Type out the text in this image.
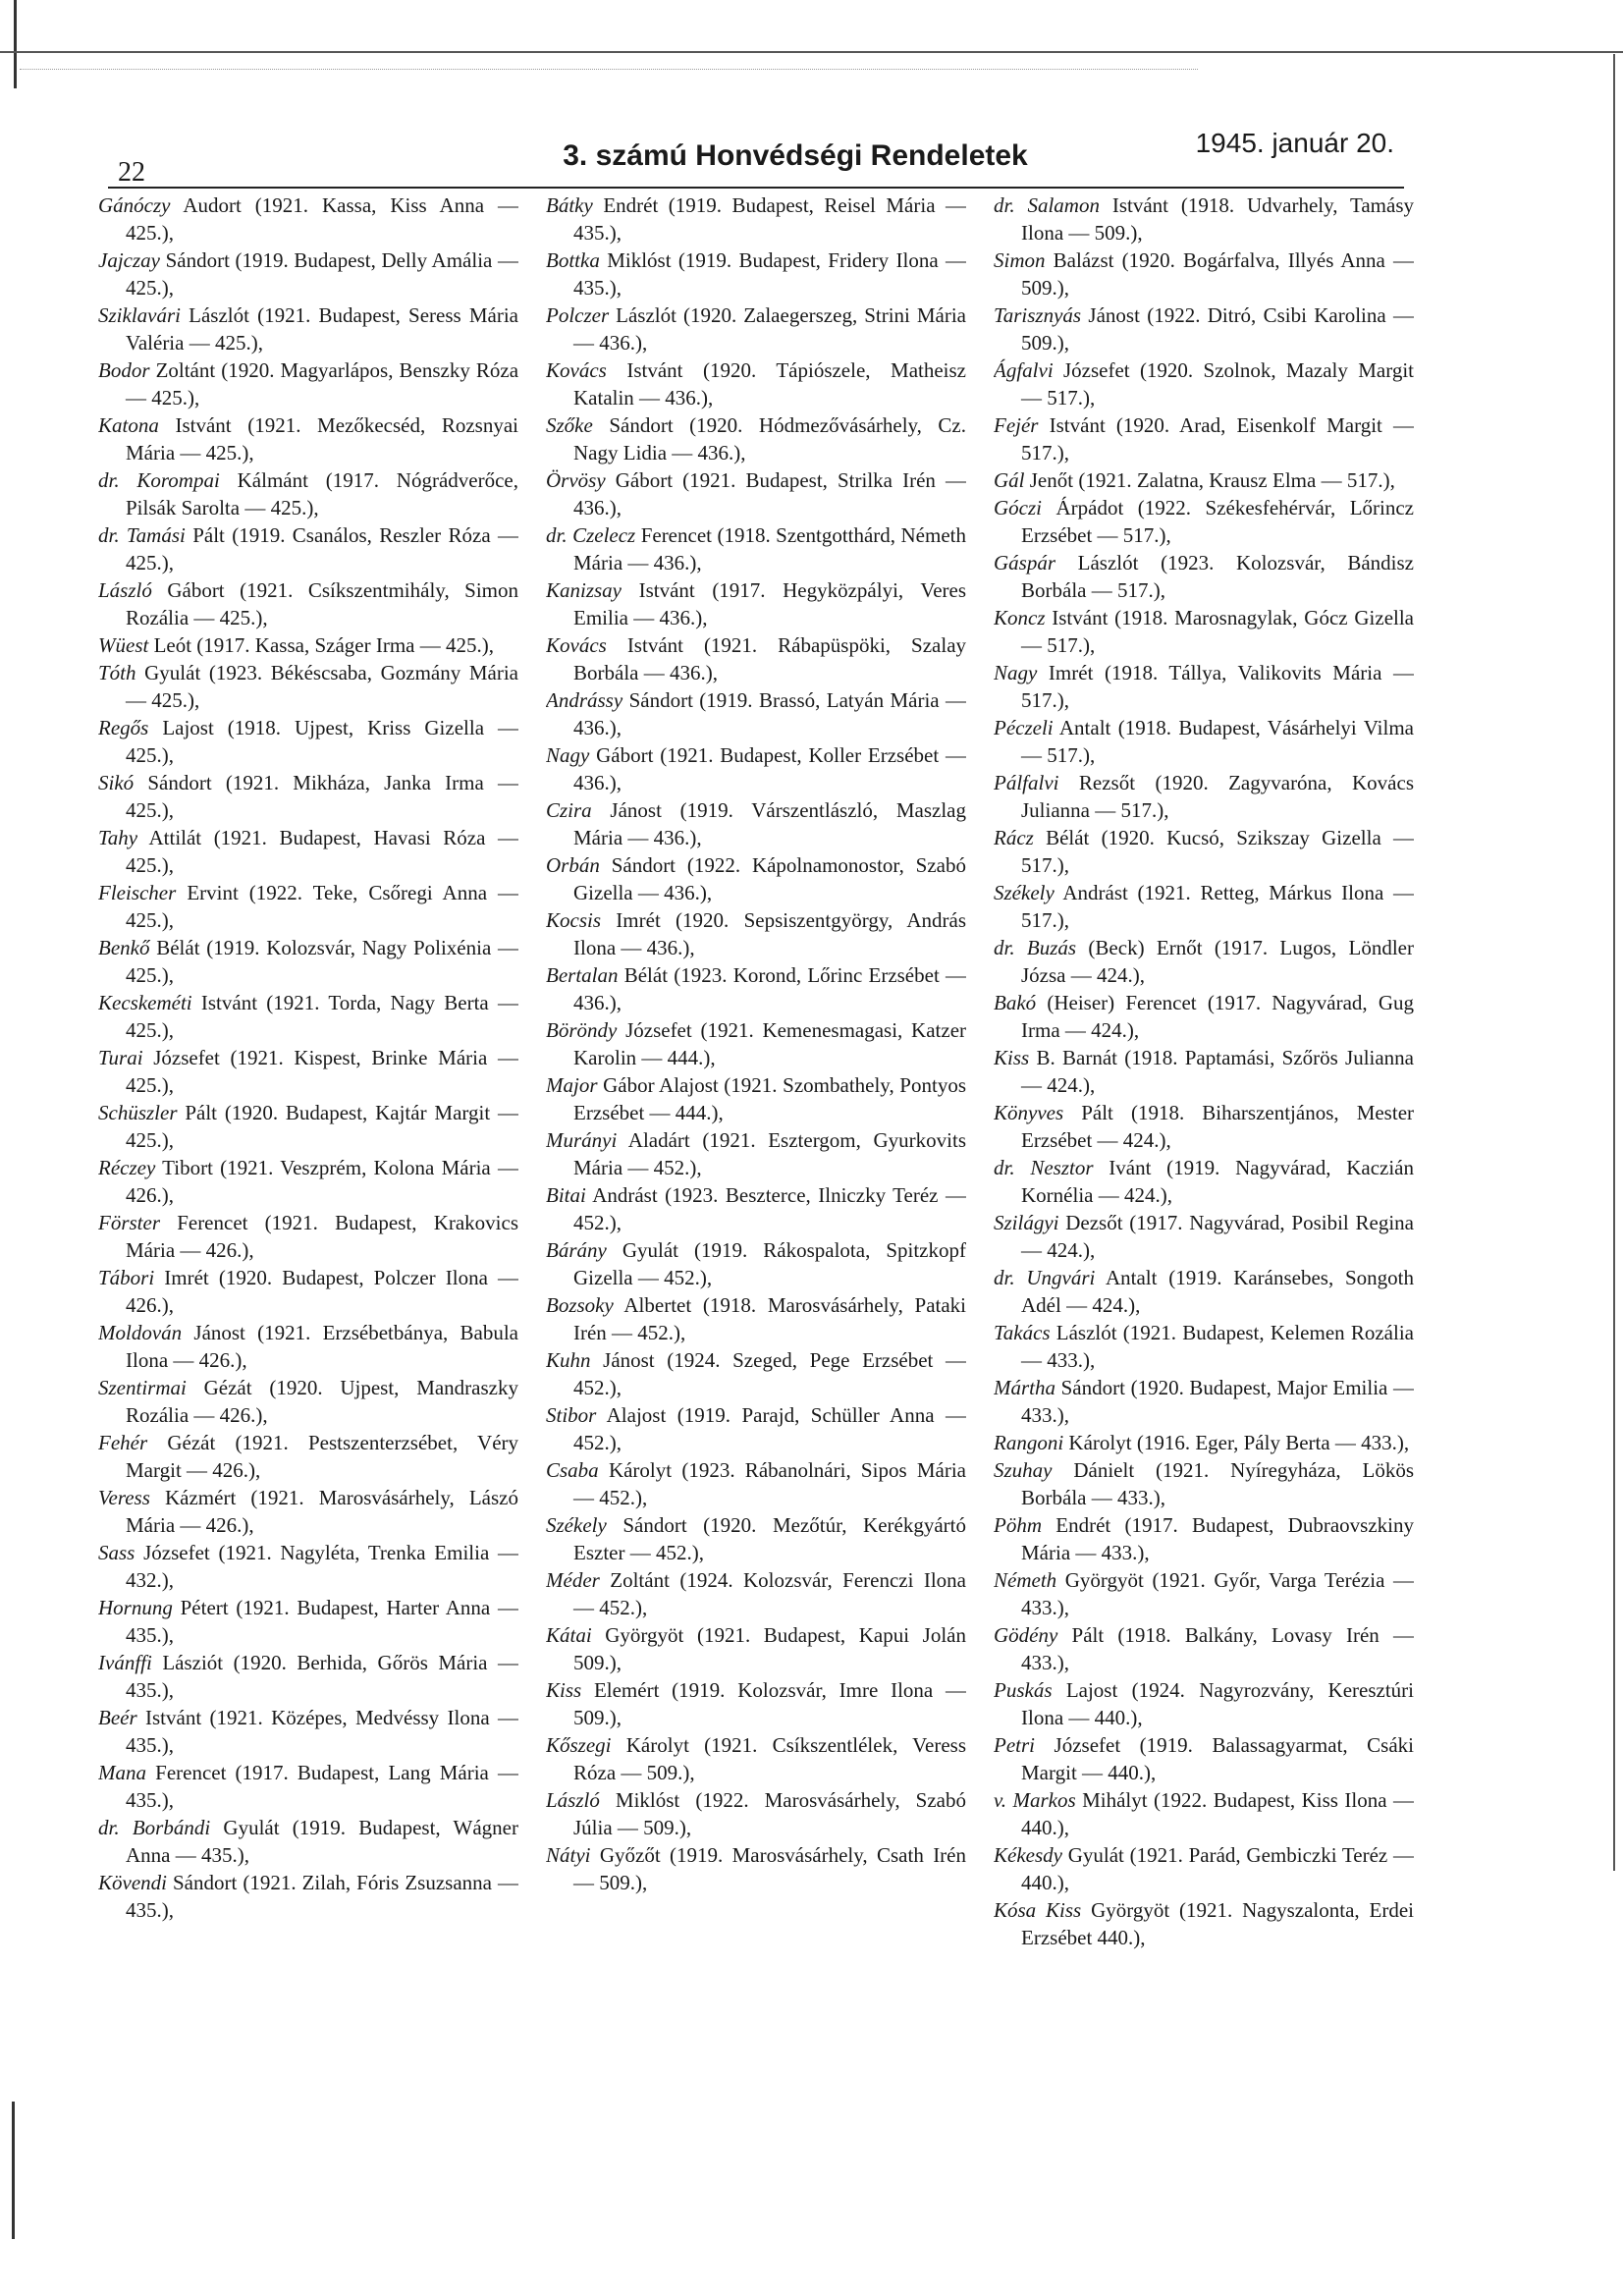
22
3. számú Honvédségi Rendeletek	1945. január 20.

Gánóczy Audort (1921. Kassa, Kiss Anna — 425.),

Jajczay Sándort (1919. Budapest, Delly Amália — 425.),

Sziklavári Lászlót (1921. Budapest, Seress Mária Valéria — 425.),

Bodor Zoltánt (1920. Magyarlápos, Benszky Róza — 425.),

Katona Istvánt (1921. Mezőkecséd, Rozsnyai Mária — 425.),

dr. Korompai Kálmánt (1917. Nógrádverőce, Pilsák Sarolta — 425.),

dr. Tamási Pált (1919. Csanálos, Reszler Róza — 425.),

László Gábort (1921. Csíkszentmihály, Simon Rozália — 425.),

Wüest Leót (1917. Kassa, Száger Irma — 425.),

Tóth Gyulát (1923. Békéscsaba, Gozmány Mária — 425.),

Regős Lajost (1918. Ujpest, Kriss Gizella — 425.),

Sikó Sándort (1921. Mikháza, Janka Irma — 425.),

Tahy Attilát (1921. Budapest, Havasi Róza — 425.),

Fleischer Ervint (1922. Teke, Csőregi Anna — 425.),

Benkő Bélát (1919. Kolozsvár, Nagy Polixénia — 425.),

Kecskeméti Istvánt (1921. Torda, Nagy Berta — 425.),

Turai Józsefet (1921. Kispest, Brinke Mária — 425.),

Schüszler Pált (1920. Budapest, Kajtár Margit — 425.),

Réczey Tibort (1921. Veszprém, Kolona Mária — 426.),

Förster Ferencet (1921. Budapest, Krakovics Mária — 426.),

Tábori Imrét (1920. Budapest, Polczer Ilona — 426.),

Moldován Jánost (1921. Erzsébetbánya, Babula Ilona — 426.),

Szentirmai Gézát (1920. Ujpest, Mandraszky Rozália — 426.),

Fehér Gézát (1921. Pestszenterzsébet, Véry Margit — 426.),

Veress Kázmért (1921. Marosvásárhely, Lászó Mária — 426.),

Sass Józsefet (1921. Nagyléta, Trenka Emilia — 432.),

Hornung Pétert (1921. Budapest, Harter Anna — 435.),

Ivánffi Lásziót (1920. Berhida, Gőrös Mária — 435.),

Beér Istvánt (1921. Középes, Medvéssy Ilona — 435.),

Mana Ferencet (1917. Budapest, Lang Mária — 435.),

dr. Borbándi Gyulát (1919. Budapest, Wágner Anna — 435.),

Kövendi Sándort (1921. Zilah, Fóris Zsuzsanna — 435.),

Bátky Endrét (1919. Budapest, Reisel Mária — 435.),

Bottka Miklóst (1919. Budapest, Fridery Ilona — 435.),

Polczer Lászlót (1920. Zalaegerszeg, Strini Mária — 436.),

Kovács Istvánt (1920. Tápiószele, Matheisz Katalin — 436.),

Szőke Sándort (1920. Hódmezővásárhely, Cz. Nagy Lidia — 436.),

Örvösy Gábort (1921. Budapest, Strilka Irén — 436.),

dr. Czelecz Ferencet (1918. Szentgotthárd, Németh Mária — 436.),

Kanizsay Istvánt (1917. Hegyközpályi, Veres Emilia — 436.),

Kovács Istvánt (1921. Rábapüspöki, Szalay Borbála — 436.),

Andrássy Sándort (1919. Brassó, Latyán Mária — 436.),

Nagy Gábort (1921. Budapest, Koller Erzsébet — 436.),

Czira Jánost (1919. Várszentlászló, Maszlag Mária — 436.),

Orbán Sándort (1922. Kápolnamonostor, Szabó Gizella — 436.),

Kocsis Imrét (1920. Sepsiszentgyörgy, András Ilona — 436.),

Bertalan Bélát (1923. Korond, Lőrinc Erzsébet — 436.),

Böröndy Józsefet (1921. Kemenesmagasi, Katzer Karolin — 444.),

Major Gábor Alajost (1921. Szombathely, Pontyos Erzsébet — 444.),

Murányi Aladárt (1921. Esztergom, Gyurkovits Mária — 452.),

Bitai Andrást (1923. Beszterce, Ilniczky Teréz — 452.),

Bárány Gyulát (1919. Rákospalota, Spitzkopf Gizella — 452.),

Bozsoky Albertet (1918. Marosvásárhely, Pataki Irén — 452.),

Kuhn Jánost (1924. Szeged, Pege Erzsébet — 452.),

Stibor Alajost (1919. Parajd, Schüller Anna — 452.),

Csaba Károlyt (1923. Rábanolnári, Sipos Mária — 452.),

Székely Sándort (1920. Mezőtúr, Kerékgyártó Eszter — 452.),

Méder Zoltánt (1924. Kolozsvár, Ferenczi Ilona — 452.),

Kátai Györgyöt (1921. Budapest, Kapui Jolán 509.),

Kiss Elemért (1919. Kolozsvár, Imre Ilona — 509.),

Kőszegi Károlyt (1921. Csíkszentlélek, Veress Róza — 509.),

László Miklóst (1922. Marosvásárhely, Szabó Júlia — 509.),

Nátyi Győzőt (1919. Marosvásárhely, Csath Irén — 509.),

dr. Salamon Istvánt (1918. Udvarhely, Tamásy Ilona — 509.),

Simon Balázst (1920. Bogárfalva, Illyés Anna — 509.),

Tarisznyás Jánost (1922. Ditró, Csibi Karolina — 509.),

Ágfalvi Józsefet (1920. Szolnok, Mazaly Margit — 517.),

Fejér Istvánt (1920. Arad, Eisenkolf Margit — 517.),

Gál Jenőt (1921. Zalatna, Krausz Elma — 517.),

Góczi Árpádot (1922. Székesfehérvár, Lőrincz Erzsébet — 517.),

Gáspár Lászlót (1923. Kolozsvár, Bándisz Borbála — 517.),

Koncz Istvánt (1918. Marosnagylak, Gócz Gizella — 517.),

Nagy Imrét (1918. Tállya, Valikovits Mária — 517.),

Péczeli Antalt (1918. Budapest, Vásárhelyi Vilma — 517.),

Pálfalvi Rezsőt (1920. Zagyvaróna, Kovács Julianna — 517.),

Rácz Bélát (1920. Kucsó, Szikszay Gizella — 517.),

Székely Andrást (1921. Retteg, Márkus Ilona — 517.),

dr. Buzás (Beck) Ernőt (1917. Lugos, Löndler Józsa — 424.),

Bakó (Heiser) Ferencet (1917. Nagyvárad, Gug Irma — 424.),

Kiss B. Barnát (1918. Paptamási, Szőrös Julianna — 424.),

Könyves Pált (1918. Biharszentjános, Mester Erzsébet — 424.),

dr. Nesztor Ivánt (1919. Nagyvárad, Kaczián Kornélia — 424.),

Szilágyi Dezsőt (1917. Nagyvárad, Posibil Regina — 424.),

dr. Ungvári Antalt (1919. Karánsebes, Songoth Adél — 424.),

Takács Lászlót (1921. Budapest, Kelemen Rozália — 433.),

Mártha Sándort (1920. Budapest, Major Emilia — 433.),

Rangoni Károlyt (1916. Eger, Pály Berta — 433.),

Szuhay Dánielt (1921. Nyíregyháza, Lökös Borbála — 433.),

Pöhm Endrét (1917. Budapest, Dubraovszkiny Mária — 433.),

Németh Györgyöt (1921. Győr, Varga Terézia — 433.),

Gödény Pált (1918. Balkány, Lovasy Irén — 433.),

Puskás Lajost (1924. Nagyrozvány, Keresztúri Ilona — 440.),

Petri Józsefet (1919. Balassagyarmat, Csáki Margit — 440.),

v. Markos Mihályt (1922. Budapest, Kiss Ilona — 440.),

Kékesdy Gyulát (1921. Parád, Gembiczki Teréz — 440.),

Kósa Kiss Györgyöt (1921. Nagyszalonta, Erdei Erzsébet 440.),
